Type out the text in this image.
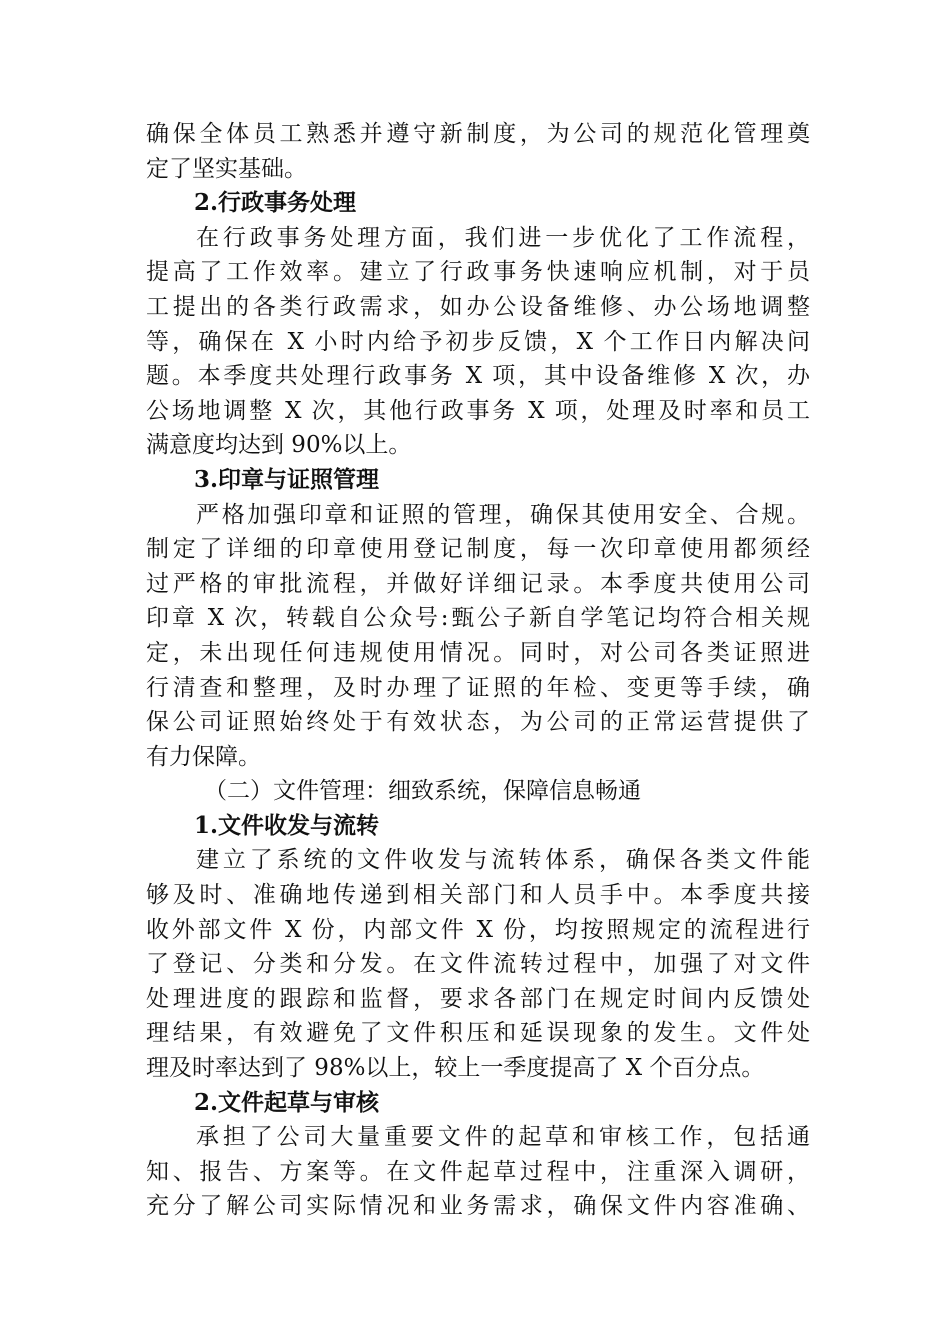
确保全体员工熟悉并遵守新制度，为公司的规范化管理奠
定了坚实基础。
2.行政事务处理
在行政事务处理方面，我们进一步优化了工作流程，
提高了工作效率。建立了行政事务快速响应机制，对于员
工提出的各类行政需求，如办公设备维修、办公场地调整
等，确保在 X 小时内给予初步反馈，X 个工作日内解决问
题。本季度共处理行政事务 X 项，其中设备维修 X 次，办
公场地调整 X 次，其他行政事务 X 项，处理及时率和员工
满意度均达到 90%以上。
3.印章与证照管理
严格加强印章和证照的管理，确保其使用安全、合规。
制定了详细的印章使用登记制度，每一次印章使用都须经
过严格的审批流程，并做好详细记录。本季度共使用公司
印章 X 次，转载自公众号:甄公子新自学笔记均符合相关规
定，未出现任何违规使用情况。同时，对公司各类证照进
行清查和整理，及时办理了证照的年检、变更等手续，确
保公司证照始终处于有效状态，为公司的正常运营提供了
有力保障。
（二）文件管理：细致系统，保障信息畅通
1.文件收发与流转
建立了系统的文件收发与流转体系，确保各类文件能
够及时、准确地传递到相关部门和人员手中。本季度共接
收外部文件 X 份，内部文件 X 份，均按照规定的流程进行
了登记、分类和分发。在文件流转过程中，加强了对文件
处理进度的跟踪和监督，要求各部门在规定时间内反馈处
理结果，有效避免了文件积压和延误现象的发生。文件处
理及时率达到了 98%以上，较上一季度提高了 X 个百分点。
2.文件起草与审核
承担了公司大量重要文件的起草和审核工作，包括通
知、报告、方案等。在文件起草过程中，注重深入调研，
充分了解公司实际情况和业务需求，确保文件内容准确、
